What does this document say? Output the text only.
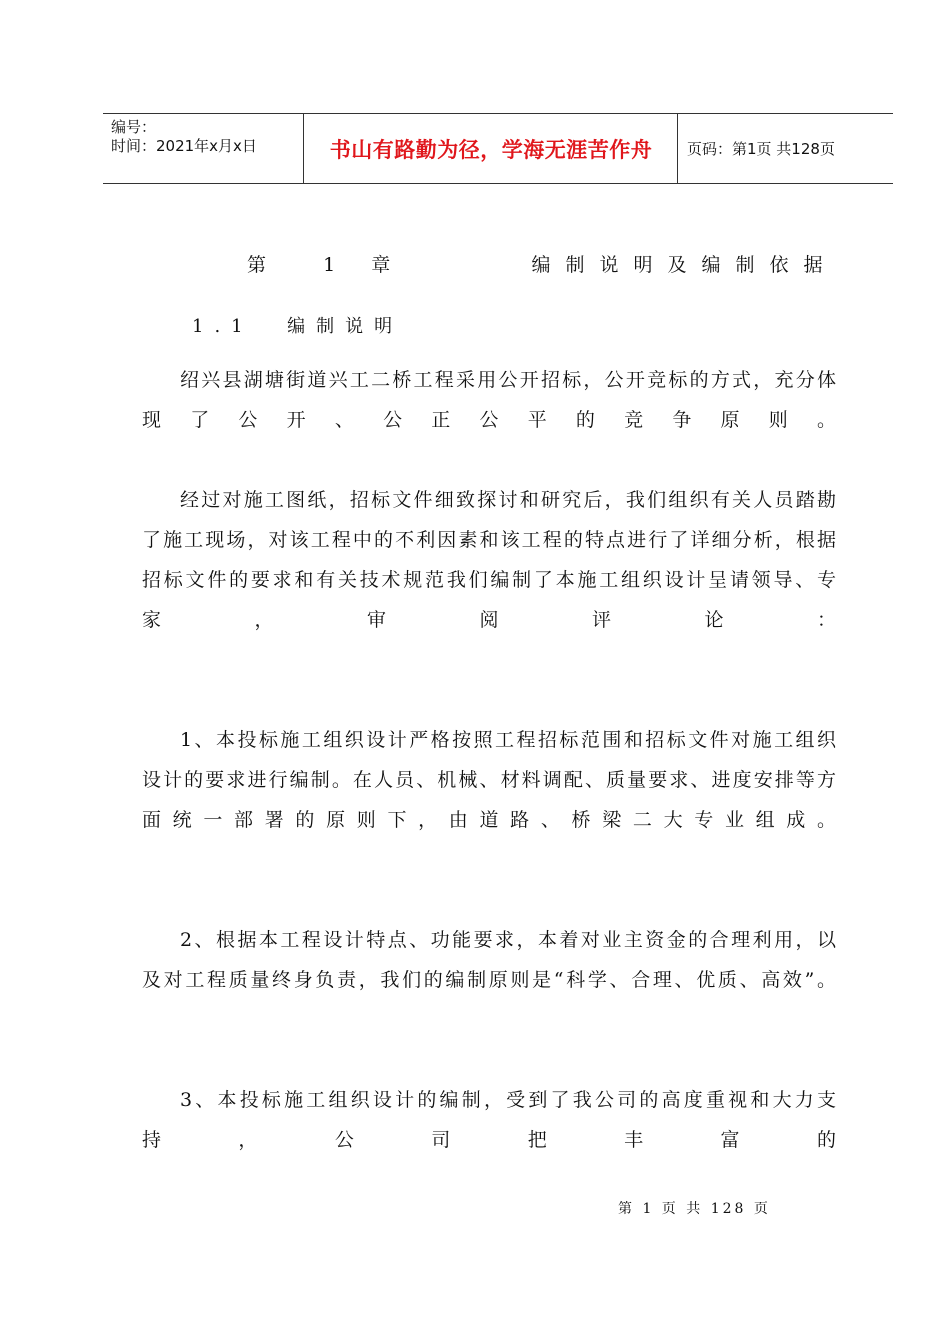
编号：
时间：2021年x月x日	书山有路勤为径，学海无涯苦作舟	页码：第1页 共128页
第  1 章      编制说明及编制依据
1.1  编制说明
绍兴县湖塘街道兴工二桥工程采用公开招标，公开竞标的方式，充分体现了公开、公正公平的竞争原则。
经过对施工图纸，招标文件细致探讨和研究后，我们组织有关人员踏勘了施工现场，对该工程中的不利因素和该工程的特点进行了详细分析，根据招标文件的要求和有关技术规范我们编制了本施工组织设计呈请领导、专家，审阅评论：
1、本投标施工组织设计严格按照工程招标范围和招标文件对施工组织设计的要求进行编制。在人员、机械、材料调配、质量要求、进度安排等方面统一部署的原则下，由道路、桥梁二大专业组成。
2、根据本工程设计特点、功能要求，本着对业主资金的合理利用，以及对工程质量终身负责，我们的编制原则是“科学、合理、优质、高效”。
3、本投标施工组织设计的编制，受到了我公司的高度重视和大力支持，公司把丰富的
第 1 页 共 128 页
